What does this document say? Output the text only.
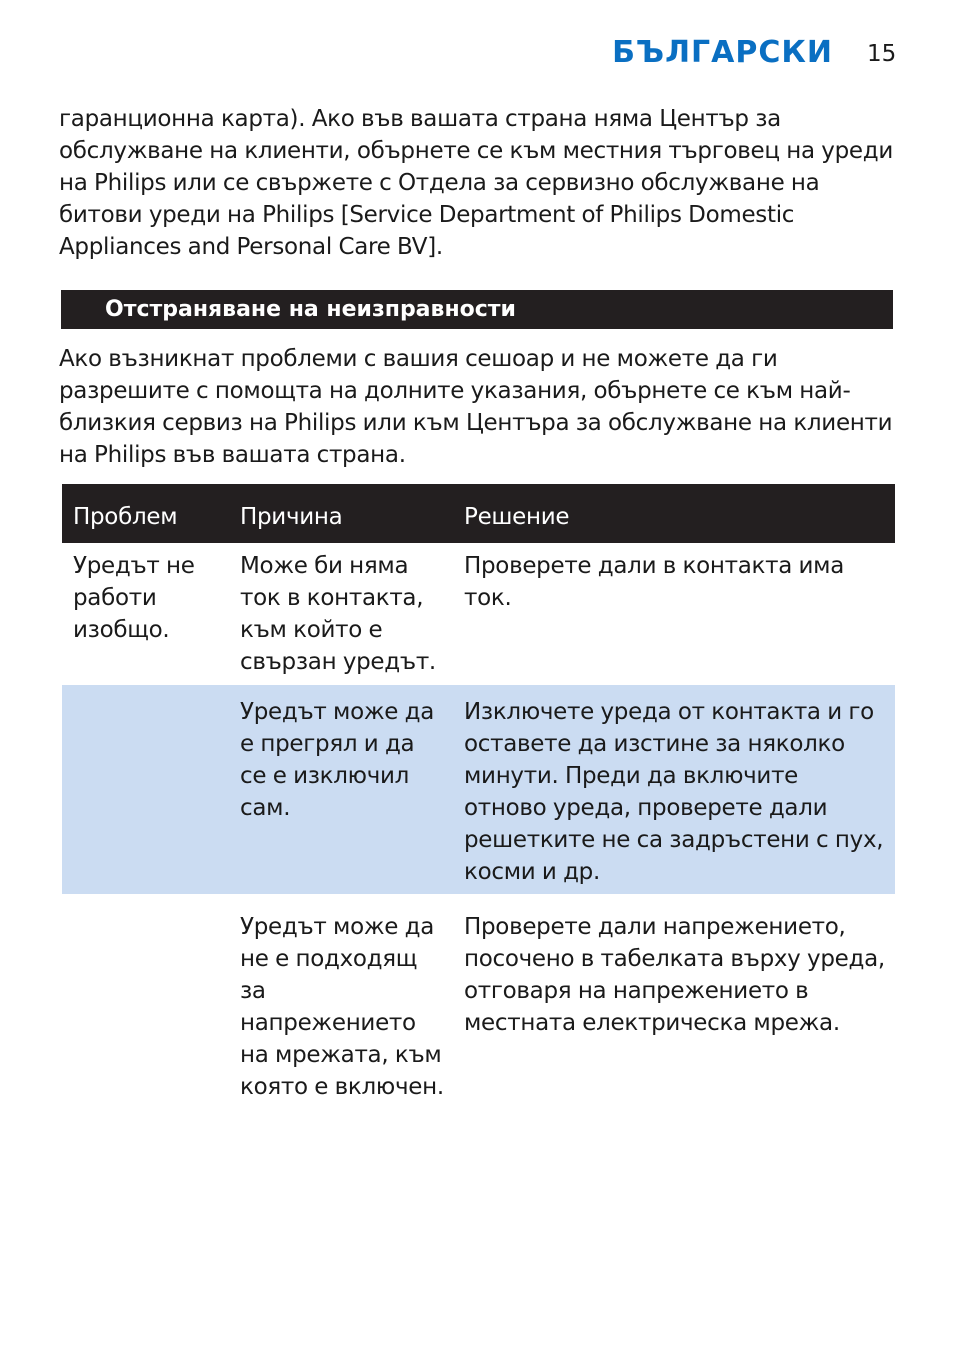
БЪЛГАРСКИ 15

гаранционна карта). Ако във вашата страна няма Център за обслужване на клиенти, обърнете се към местния търговец на уреди на Philips или се свържете с Отдела за сервизно обслужване на битови уреди на Philips [Service Department of Philips Domestic Appliances and Personal Care BV].

Отстраняване на неизправности

Ако възникнат проблеми с вашия сешоар и не можете да ги разрешите с помощта на долните указания, обърнете се към най-близкия сервиз на Philips или към Центъра за обслужване на клиенти на Philips във вашата страна.

Проблем	Причина	Решение
Уредът не работи изобщо.
Може би няма ток в контакта, към който е свързан уредът.
Проверете дали в контакта има ток.
Уредът може да е прегрял и да се е изключил сам.
Изключете уреда от контакта и го оставете да изстине за няколко минути. Преди да включите отново уреда, проверете дали решетките не са задръстени с пух, косми и др.
Уредът може да не е подходящ за напрежението на мрежата, към която е включен.
Проверете дали напрежението, посочено в табелката върху уреда, отговаря на напрежението в местната електрическа мрежа.
